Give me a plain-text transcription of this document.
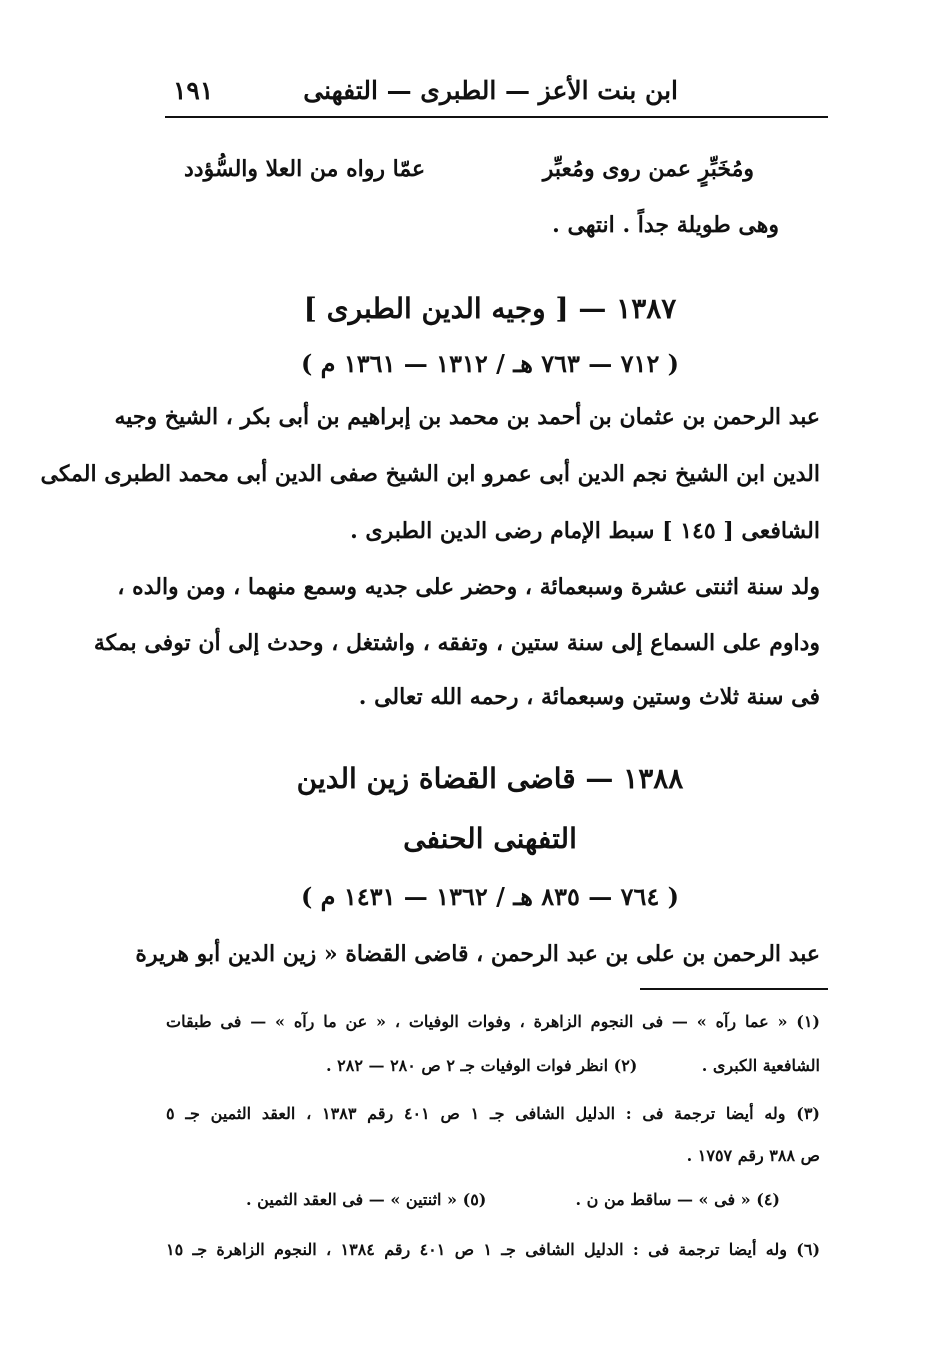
ابن بنت الأعز — الطبرى — التفهنى
١٩١
ومُخَبِّرٍ عمن روى ومُعبِّر
عمّا رواه من العلا والسُّؤدد
وهى طويلة جداً . انتهى .
١٣٨٧ — [ وجيه الدين الطبرى ]
( ٧١٢ — ٧٦٣ هـ / ١٣١٢ — ١٣٦١ م )
عبد الرحمن بن عثمان بن أحمد بن محمد بن إبراهيم بن أبى بكر ، الشيخ وجيه
الدين ابن الشيخ نجم الدين أبى عمرو ابن الشيخ صفى الدين أبى محمد الطبرى المكى
الشافعى [ ١٤٥ ] سبط الإمام رضى الدين الطبرى .
ولد سنة اثنتى عشرة وسبعمائة ، وحضر على جديه وسمع منهما ، ومن والده ،
وداوم على السماع إلى سنة ستين ، وتفقه ، واشتغل ، وحدث إلى أن توفى بمكة
فى سنة ثلاث وستين وسبعمائة ، رحمه الله تعالى .
١٣٨٨ — قاضى القضاة زين الدين
التفهنى الحنفى
( ٧٦٤ — ٨٣٥ هـ / ١٣٦٢ — ١٤٣١ م )
عبد الرحمن بن على بن عبد الرحمن ، قاضى القضاة « زين الدين أبو هريرة
(١) « عما رآه » — فى النجوم الزاهرة ، وفوات الوفيات ، « عن ما رآه » — فى طبقات
الشافعية الكبرى .
(٢) انظر فوات الوفيات جـ ٢ ص ٢٨٠ — ٢٨٢ .
(٣) وله أيضا ترجمة فى : الدليل الشافى جـ ١ ص ٤٠١ رقم ١٣٨٣ ، العقد الثمين جـ ٥
ص ٣٨٨ رقم ١٧٥٧ .
(٤) « فى » — ساقط من ن .
(٥) « اثنتين » — فى العقد الثمين .
(٦) وله أيضا ترجمة فى : الدليل الشافى جـ ١ ص ٤٠١ رقم ١٣٨٤ ، النجوم الزاهرة جـ ١٥
